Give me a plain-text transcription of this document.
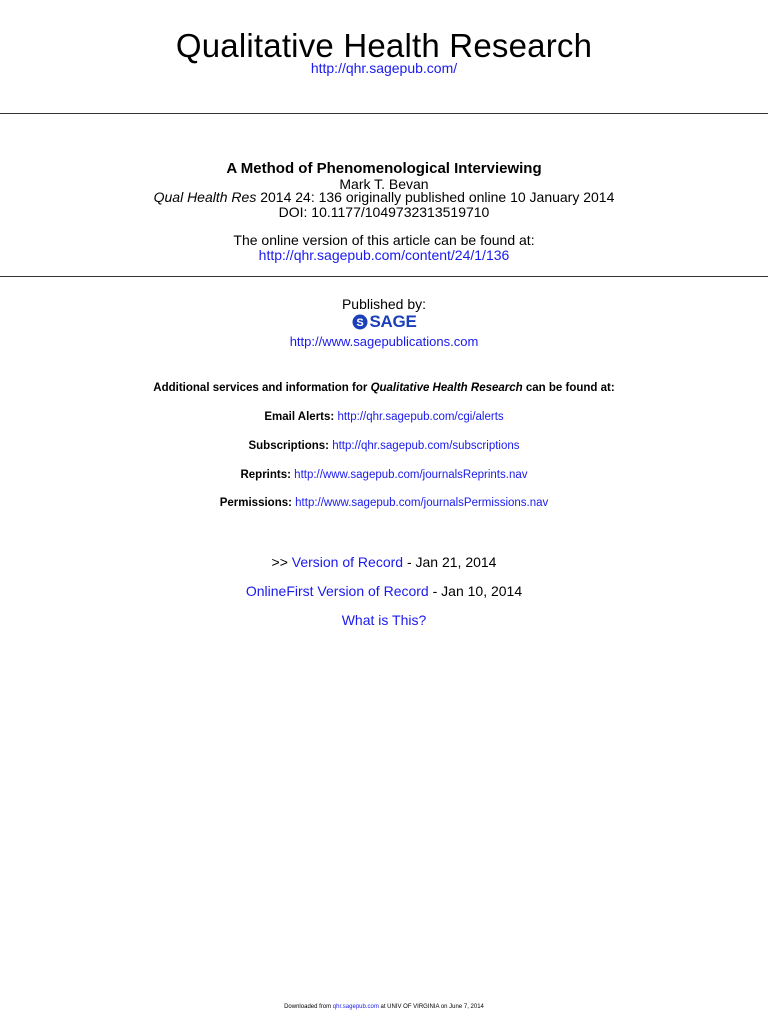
Qualitative Health Research
http://qhr.sagepub.com/
A Method of Phenomenological Interviewing
Mark T. Bevan
Qual Health Res 2014 24: 136 originally published online 10 January 2014
DOI: 10.1177/1049732313519710
The online version of this article can be found at:
http://qhr.sagepub.com/content/24/1/136
Published by:
S SAGE
http://www.sagepublications.com
Additional services and information for Qualitative Health Research can be found at:
Email Alerts: http://qhr.sagepub.com/cgi/alerts
Subscriptions: http://qhr.sagepub.com/subscriptions
Reprints: http://www.sagepub.com/journalsReprints.nav
Permissions: http://www.sagepub.com/journalsPermissions.nav
>> Version of Record - Jan 21, 2014
OnlineFirst Version of Record - Jan 10, 2014
What is This?
Downloaded from qhr.sagepub.com at UNIV OF VIRGINIA on June 7, 2014
